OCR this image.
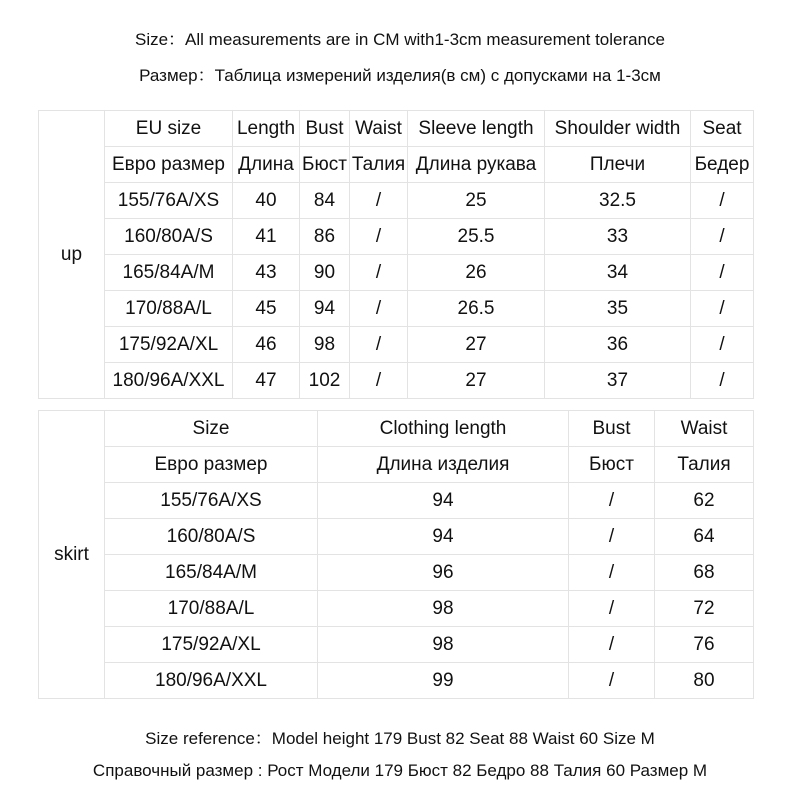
Size：All measurements are in CM with1-3cm measurement tolerance
Размер：Таблица измерений изделия(в см) с допусками на 1-3см
up	EU size	Length	Bust	Waist	Sleeve length	Shoulder width	Seat
	Евро размер	Длина	Бюст	Талия	Длина рукава	Плечи	Бедер
	155/76A/XS	40	84	/	25	32.5	/
	160/80A/S	41	86	/	25.5	33	/
	165/84A/M	43	90	/	26	34	/
	170/88A/L	45	94	/	26.5	35	/
	175/92A/XL	46	98	/	27	36	/
	180/96A/XXL	47	102	/	27	37	/
skirt	Size	Clothing length	Bust	Waist
	Евро размер	Длина изделия	Бюст	Талия
	155/76A/XS	94	/	62
	160/80A/S	94	/	64
	165/84A/M	96	/	68
	170/88A/L	98	/	72
	175/92A/XL	98	/	76
	180/96A/XXL	99	/	80
Size reference：Model height 179 Bust 82 Seat 88 Waist 60 Size M
Справочный размер : Рост Модели 179 Бюст 82 Бедро 88 Талия 60 Размер M
